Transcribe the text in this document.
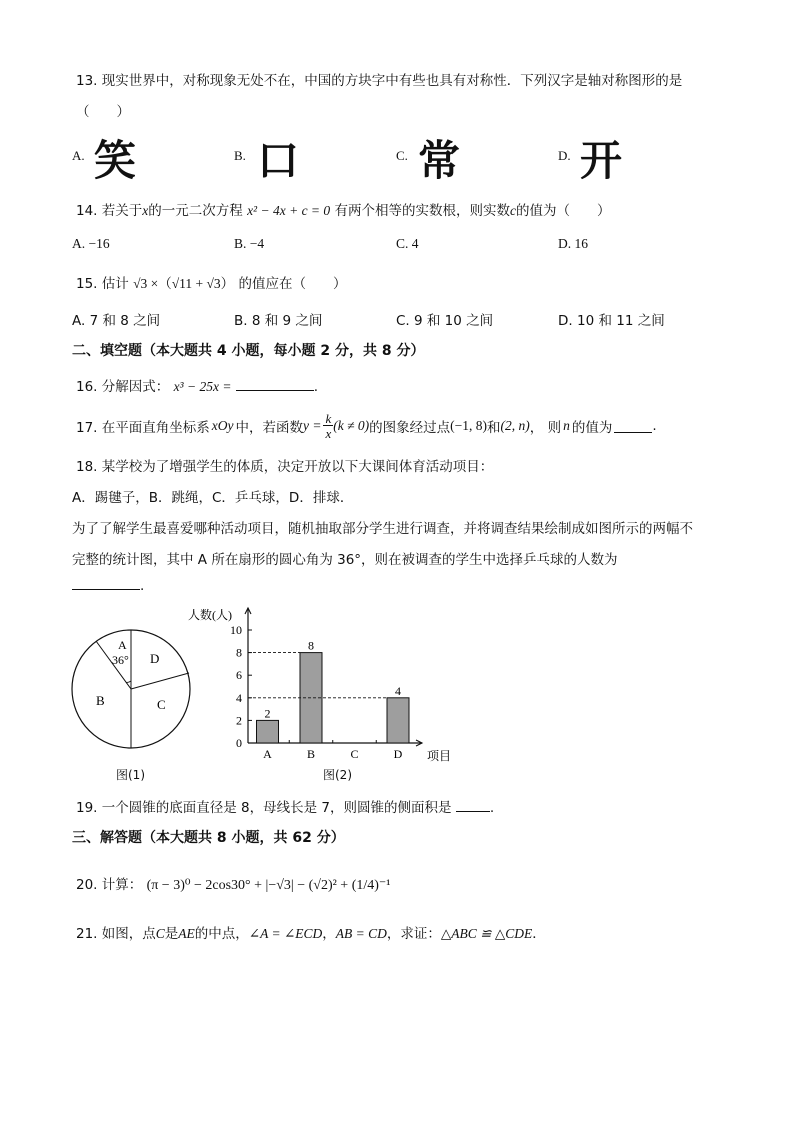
13. 现实世界中，对称现象无处不在，中国的方块字中有些也具有对称性．下列汉字是轴对称图形的是
（　　）
A. 笑	B. 口	C. 常	D. 开
14. 若关于x的一元二次方程 x² − 4x + c = 0 有两个相等的实数根，则实数c的值为（　　）
A. −16	B. −4	C. 4	D. 16
15. 估计 √3 ×（√11 + √3） 的值应在（　　）
A. 7 和 8 之间	B. 8 和 9 之间	C. 9 和 10 之间	D. 10 和 11 之间
二、填空题（本大题共 4 小题，每小题 2 分，共 8 分）
16. 分解因式： x³ − 25x =	.
17. 在平面直角坐标系 xOy 中，若函数 $y = \frac{k}{x} (k \ne 0)$ 的图象经过点 (−1, 8) 和 (2, n) ， 则 n 的值为	.
18. 某学校为了增强学生的体质，决定开放以下大课间体育活动项目：
A．踢毽子，B．跳绳，C．乒乓球，D．排球．
为了了解学生最喜爱哪种活动项目，随机抽取部分学生进行调查，并将调查结果绘制成如图所示的两幅不
完整的统计图，其中 A 所在扇形的圆心角为 36°，则在被调查的学生中选择乒乓球的人数为
.
A
36° D
B	C
图(1)
人数(人)
项目
0
2
4
6
8
10
A
2
B
8
C	D
4
图(2)
19. 一个圆锥的底面直径是 8，母线长是 7，则圆锥的侧面积是	.
三、解答题（本大题共 8 小题，共 62 分）
20. 计算： (π − 3)⁰ − 2cos30° + |−√3| − (√2)² + (1/4)⁻¹
21. 如图，点C是AE的中点，∠A = ∠ECD，AB = CD，求证：△ABC ≌ △CDE．
